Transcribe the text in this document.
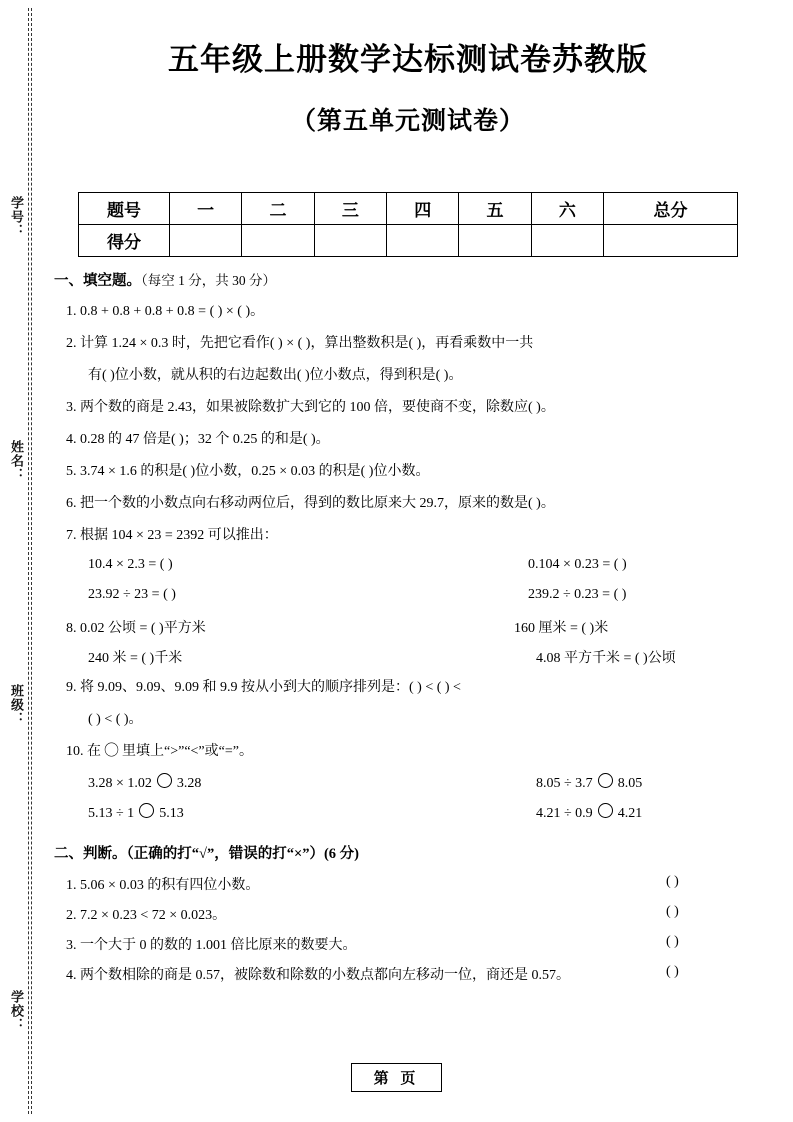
学号：
姓名：
班级：
学校：
五年级上册数学达标测试卷苏教版
（第五单元测试卷）
题号	一	二	三	四	五	六	总分
得分							
一、填空题。（每空 1 分，共 30 分）
1. 0.8 + 0.8 + 0.8 + 0.8 = ( ) × ( )。
2. 计算 1.24 × 0.3 时，先把它看作( ) × ( )，算出整数积是( )，再看乘数中一共
有( )位小数，就从积的右边起数出( )位小数点，得到积是( )。
3. 两个数的商是 2.43，如果被除数扩大到它的 100 倍，要使商不变，除数应( )。
4. 0.28 的 47 倍是( )；32 个 0.25 的和是( )。
5. 3.74 × 1.6 的积是( )位小数，0.25 × 0.03 的积是( )位小数。
6. 把一个数的小数点向右移动两位后，得到的数比原来大 29.7，原来的数是( )。
7. 根据 104 × 23 = 2392 可以推出：
10.4 × 2.3 = ( )	0.104 × 0.23 = ( )
23.92 ÷ 23 = ( )	239.2 ÷ 0.23 = ( )
8. 0.02 公顷 = ( )平方米	160 厘米 = ( )米
240 米 = ( )千米	4.08 平方千米 = ( )公顷
9. 将 9.09、9.09、9.09 和 9.9 按从小到大的顺序排列是：( ) < ( ) <
( ) < ( )。
10. 在 ◯ 里填上“>”“<”或“=”。
3.28 × 1.02 3.28	8.05 ÷ 3.7 8.05
5.13 ÷ 1 5.13	4.21 ÷ 0.9 4.21
二、判断。（正确的打“√”，错误的打“×”）(6 分)
1. 5.06 × 0.03 的积有四位小数。	( )
2. 7.2 × 0.23 < 72 × 0.023。	( )
3. 一个大于 0 的数的 1.001 倍比原来的数要大。	( )
4. 两个数相除的商是 0.57，被除数和除数的小数点都向左移动一位，商还是 0.57。	( )
第 页
